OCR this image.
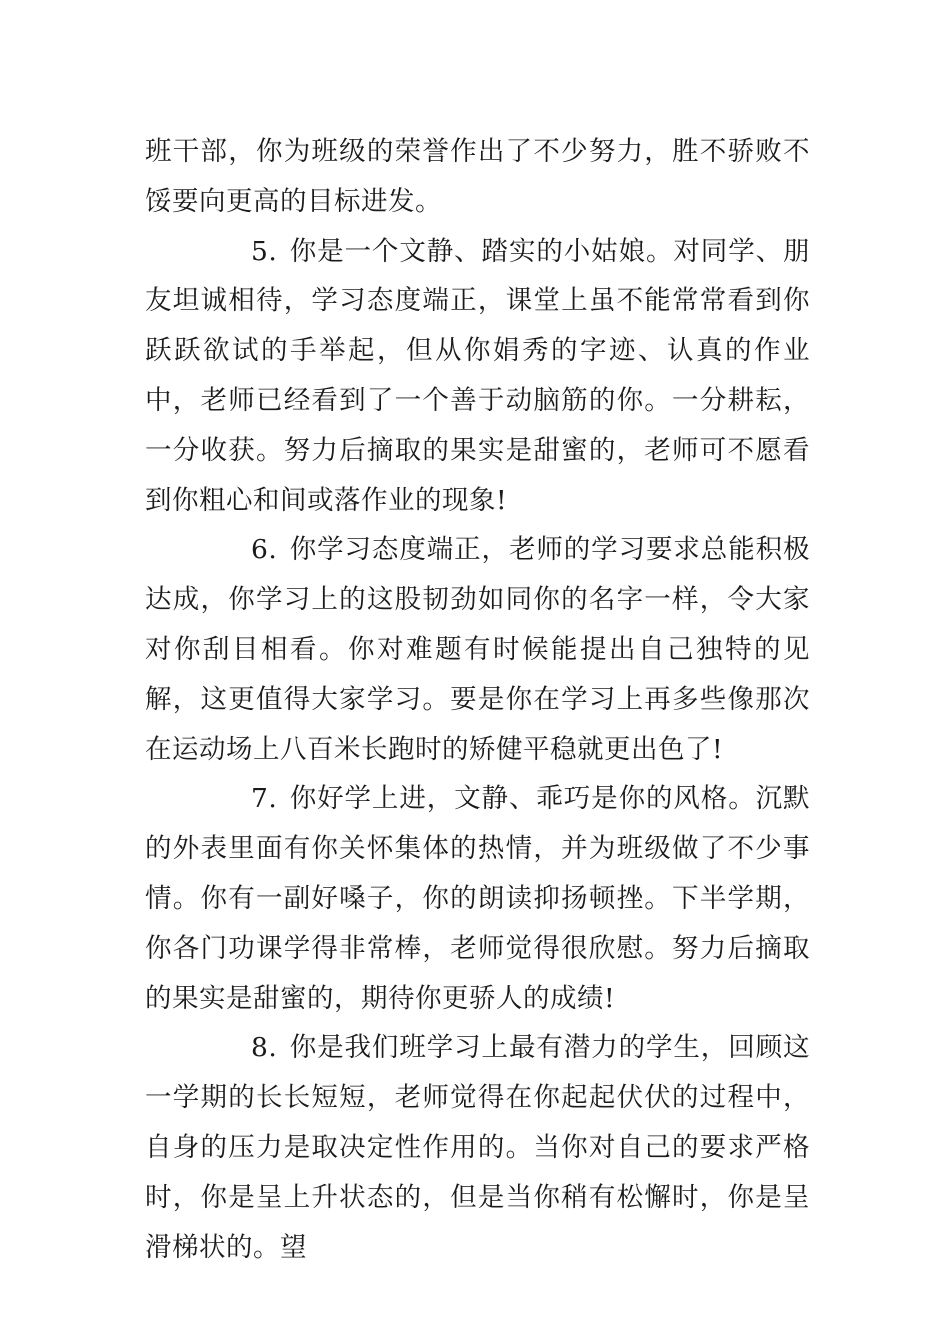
班干部，你为班级的荣誉作出了不少努力，胜不骄败不馁要向更高的目标进发。

5. 你是一个文静、踏实的小姑娘。对同学、朋友坦诚相待，学习态度端正，课堂上虽不能常常看到你跃跃欲试的手举起，但从你娟秀的字迹、认真的作业中，老师已经看到了一个善于动脑筋的你。一分耕耘，一分收获。努力后摘取的果实是甜蜜的，老师可不愿看到你粗心和间或落作业的现象!

6. 你学习态度端正，老师的学习要求总能积极达成，你学习上的这股韧劲如同你的名字一样，令大家对你刮目相看。你对难题有时候能提出自己独特的见解，这更值得大家学习。要是你在学习上再多些像那次在运动场上八百米长跑时的矫健平稳就更出色了!

7. 你好学上进，文静、乖巧是你的风格。沉默的外表里面有你关怀集体的热情，并为班级做了不少事情。你有一副好嗓子，你的朗读抑扬顿挫。下半学期，你各门功课学得非常棒，老师觉得很欣慰。努力后摘取的果实是甜蜜的，期待你更骄人的成绩!

8. 你是我们班学习上最有潜力的学生，回顾这一学期的长长短短，老师觉得在你起起伏伏的过程中，自身的压力是取决定性作用的。当你对自己的要求严格时，你是呈上升状态的，但是当你稍有松懈时，你是呈滑梯状的。望
